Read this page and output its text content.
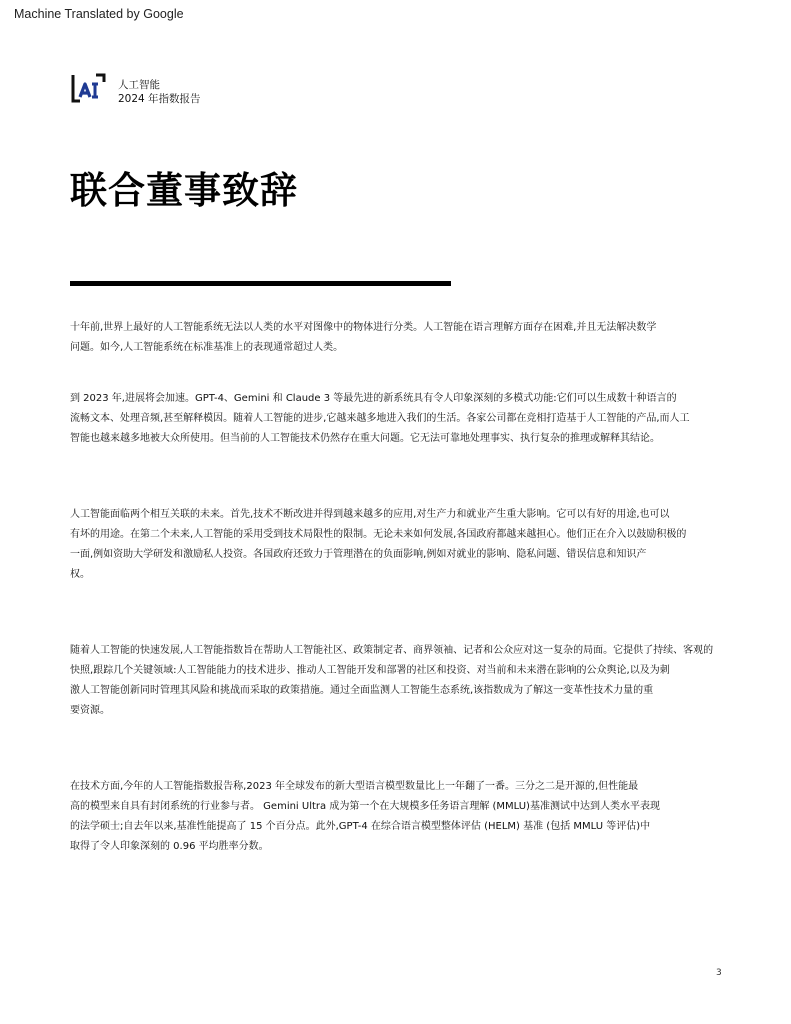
Machine Translated by Google
人工智能
2024 年指数报告
联合董事致辞

十年前,世界上最好的人工智能系统无法以人类的水平对图像中的物体进行分类。人工智能在语言理解方面存在困难,并且无法解决数学
问题。如今,人工智能系统在标准基准上的表现通常超过人类。

到 2023 年,进展将会加速。GPT-4、Gemini 和 Claude 3 等最先进的新系统具有令人印象深刻的多模式功能:它们可以生成数十种语言的
流畅文本、处理音频,甚至解释模因。随着人工智能的进步,它越来越多地进入我们的生活。各家公司都在竞相打造基于人工智能的产品,而人工
智能也越来越多地被大众所使用。但当前的人工智能技术仍然存在重大问题。它无法可靠地处理事实、执行复杂的推理或解释其结论。

人工智能面临两个相互关联的未来。首先,技术不断改进并得到越来越多的应用,对生产力和就业产生重大影响。它可以有好的用途,也可以
有坏的用途。在第二个未来,人工智能的采用受到技术局限性的限制。无论未来如何发展,各国政府都越来越担心。他们正在介入以鼓励积极的
一面,例如资助大学研发和激励私人投资。各国政府还致力于管理潜在的负面影响,例如对就业的影响、隐私问题、错误信息和知识产
权。

随着人工智能的快速发展,人工智能指数旨在帮助人工智能社区、政策制定者、商界领袖、记者和公众应对这一复杂的局面。它提供了持续、客观的
快照,跟踪几个关键领域:人工智能能力的技术进步、推动人工智能开发和部署的社区和投资、对当前和未来潜在影响的公众舆论,以及为刺
激人工智能创新同时管理其风险和挑战而采取的政策措施。通过全面监测人工智能生态系统,该指数成为了解这一变革性技术力量的重
要资源。

在技术方面,今年的人工智能指数报告称,2023 年全球发布的新大型语言模型数量比上一年翻了一番。三分之二是开源的,但性能最
高的模型来自具有封闭系统的行业参与者。 Gemini Ultra 成为第一个在大规模多任务语言理解 (MMLU)基准测试中达到人类水平表现
的法学硕士;自去年以来,基准性能提高了 15 个百分点。此外,GPT-4 在综合语言模型整体评估 (HELM) 基准 (包括 MMLU 等评估)中
取得了令人印象深刻的 0.96 平均胜率分数。

3
